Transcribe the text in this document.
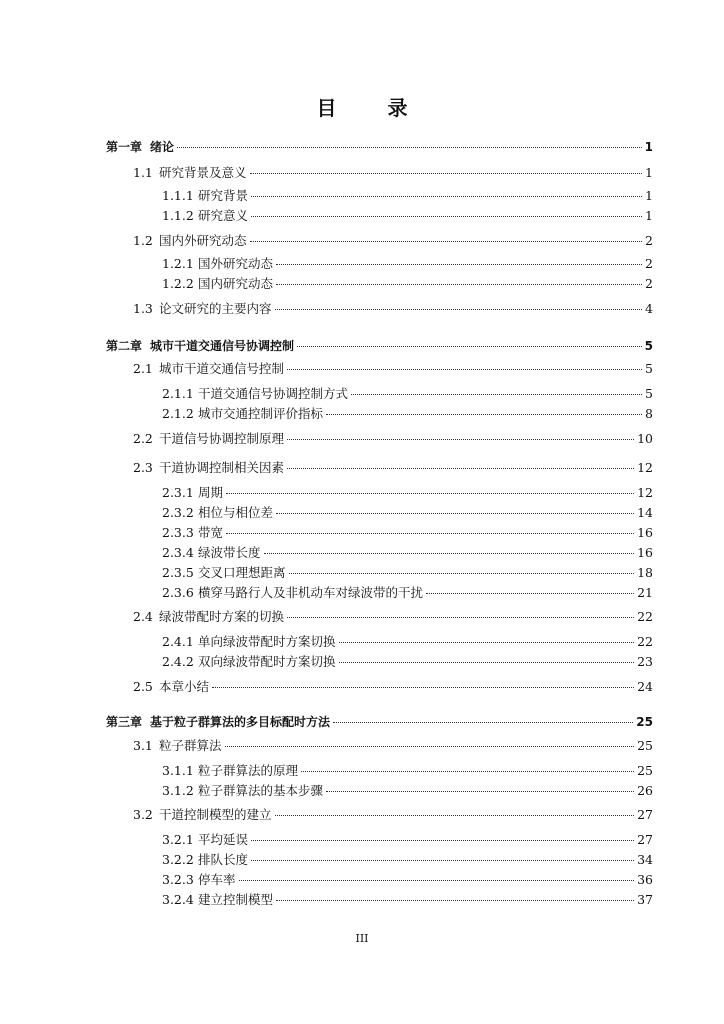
目 录
第一章 绪论	1
1.1 研究背景及意义	1
1.1.1 研究背景	1
1.1.2 研究意义	1
1.2 国内外研究动态	2
1.2.1 国外研究动态	2
1.2.2 国内研究动态	2
1.3 论文研究的主要内容	4
第二章 城市干道交通信号协调控制	5
2.1 城市干道交通信号控制	5
2.1.1 干道交通信号协调控制方式	5
2.1.2 城市交通控制评价指标	8
2.2 干道信号协调控制原理	10
2.3 干道协调控制相关因素	12
2.3.1 周期	12
2.3.2 相位与相位差	14
2.3.3 带宽	16
2.3.4 绿波带长度	16
2.3.5 交叉口理想距离	18
2.3.6 横穿马路行人及非机动车对绿波带的干扰	21
2.4 绿波带配时方案的切换	22
2.4.1 单向绿波带配时方案切换	22
2.4.2 双向绿波带配时方案切换	23
2.5 本章小结	24
第三章 基于粒子群算法的多目标配时方法	25
3.1 粒子群算法	25
3.1.1 粒子群算法的原理	25
3.1.2 粒子群算法的基本步骤	26
3.2 干道控制模型的建立	27
3.2.1 平均延误	27
3.2.2 排队长度	34
3.2.3 停车率	36
3.2.4 建立控制模型	37
III
